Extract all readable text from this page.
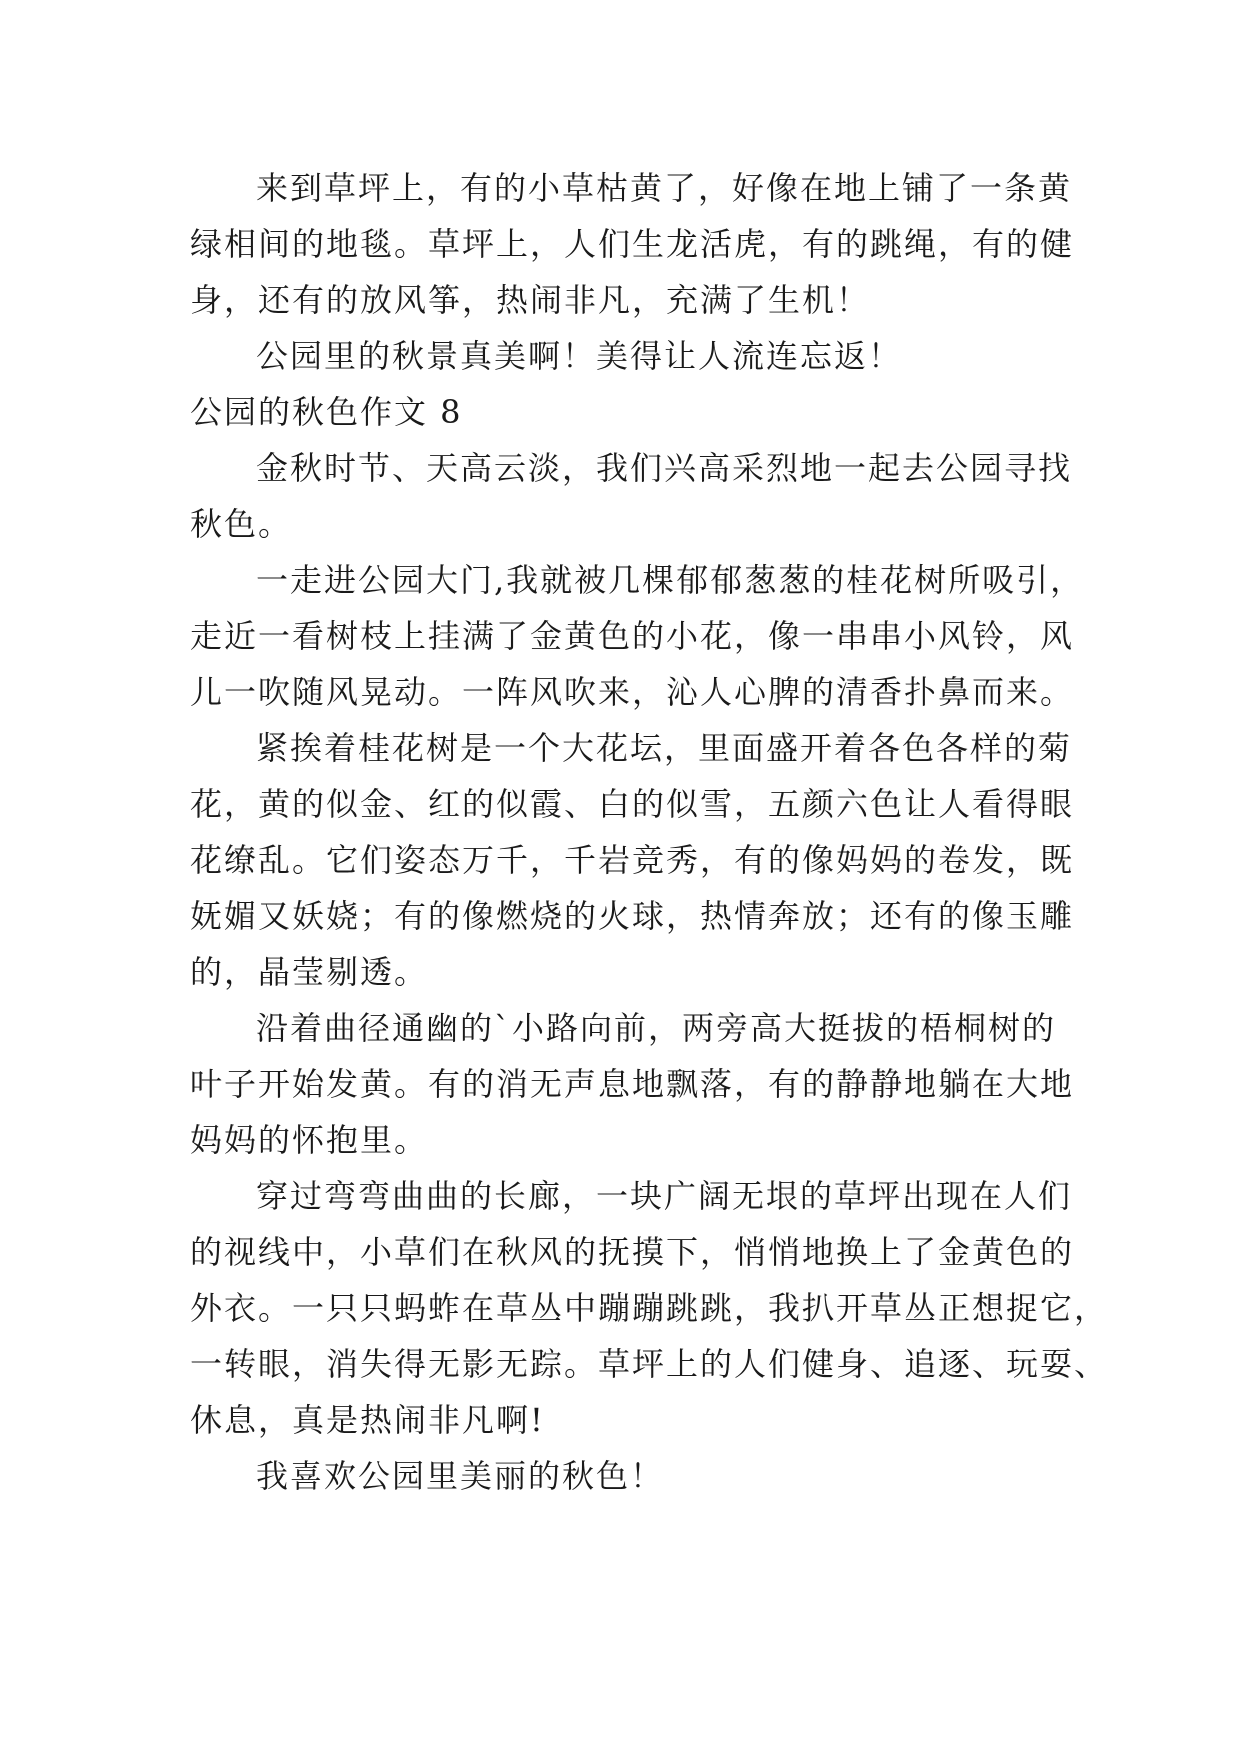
来到草坪上，有的小草枯黄了，好像在地上铺了一条黄
绿相间的地毯。草坪上，人们生龙活虎，有的跳绳，有的健
身，还有的放风筝，热闹非凡，充满了生机！
公园里的秋景真美啊！美得让人流连忘返！
公园的秋色作文 8
金秋时节、天高云淡，我们兴高采烈地一起去公园寻找
秋色。
一走进公园大门,我就被几棵郁郁葱葱的桂花树所吸引，
走近一看树枝上挂满了金黄色的小花，像一串串小风铃，风
儿一吹随风晃动。一阵风吹来，沁人心脾的清香扑鼻而来。
紧挨着桂花树是一个大花坛，里面盛开着各色各样的菊
花，黄的似金、红的似霞、白的似雪，五颜六色让人看得眼
花缭乱。它们姿态万千，千岩竞秀，有的像妈妈的卷发，既
妩媚又妖娆；有的像燃烧的火球，热情奔放；还有的像玉雕
的，晶莹剔透。
沿着曲径通幽的`小路向前，两旁高大挺拔的梧桐树的
叶子开始发黄。有的消无声息地飘落，有的静静地躺在大地
妈妈的怀抱里。
穿过弯弯曲曲的长廊，一块广阔无垠的草坪出现在人们
的视线中，小草们在秋风的抚摸下，悄悄地换上了金黄色的
外衣。一只只蚂蚱在草丛中蹦蹦跳跳，我扒开草丛正想捉它，
一转眼，消失得无影无踪。草坪上的人们健身、追逐、玩耍、
休息，真是热闹非凡啊!
我喜欢公园里美丽的秋色！
